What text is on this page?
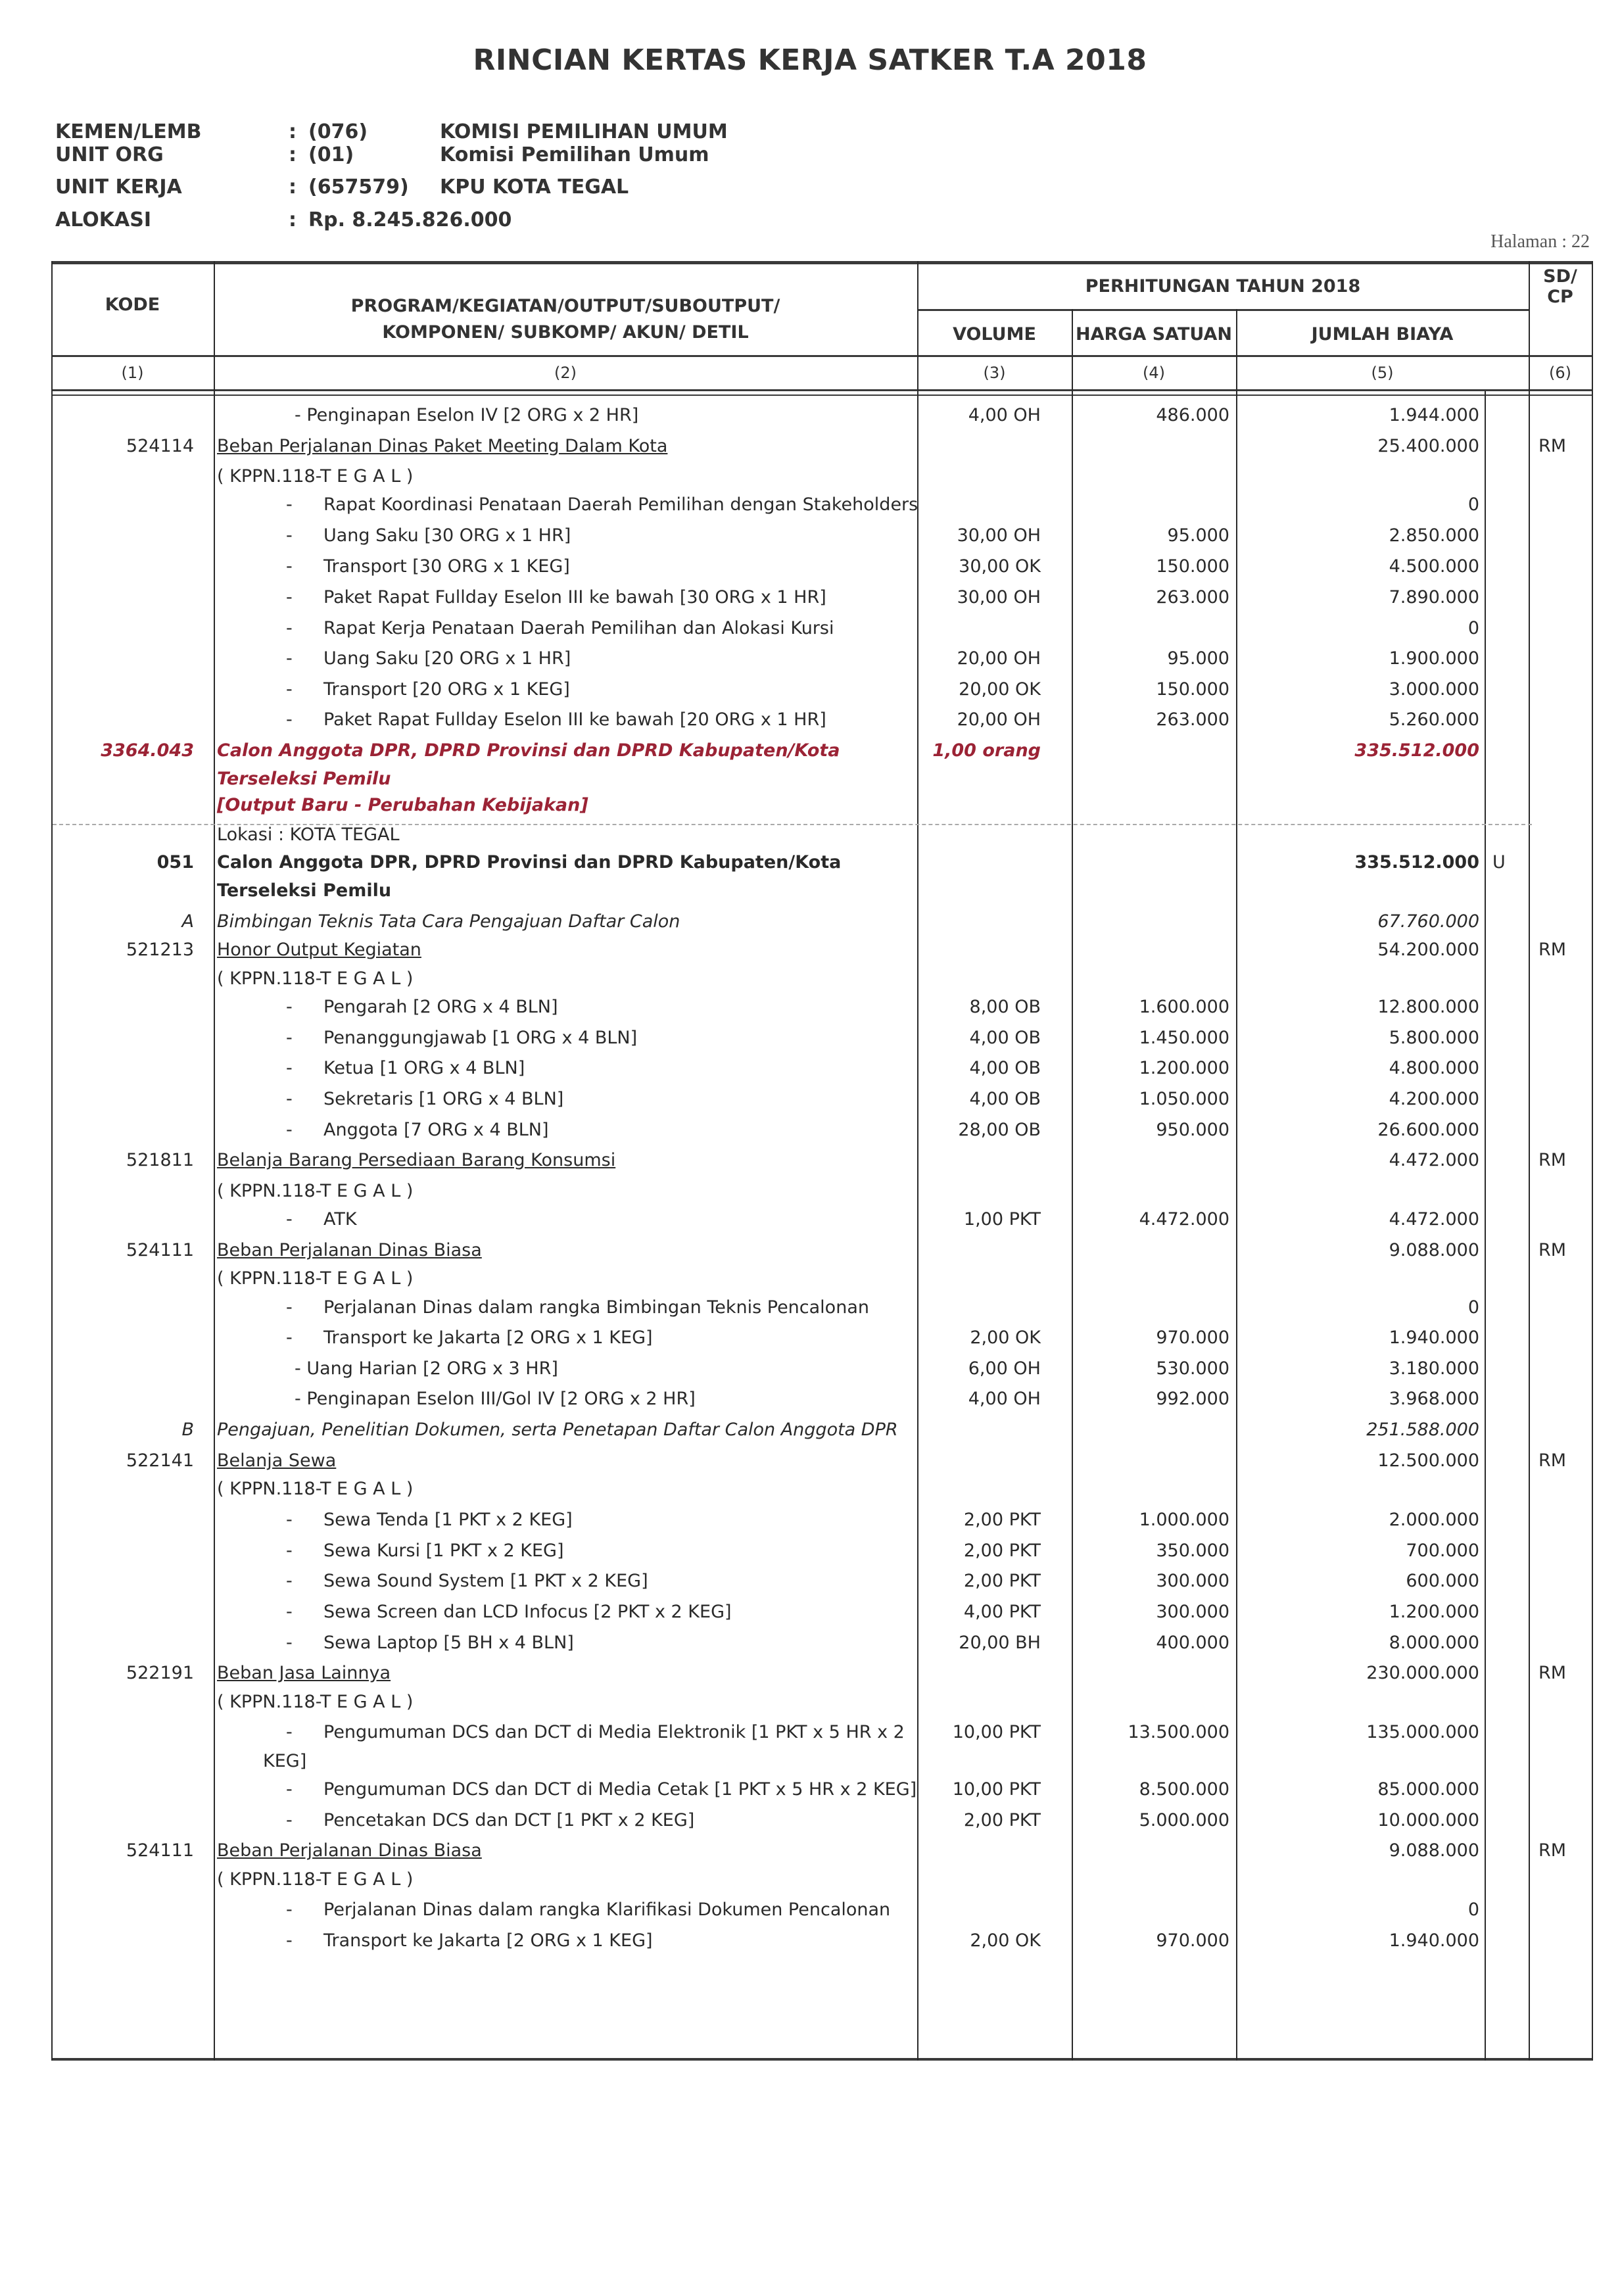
RINCIAN KERTAS KERJA SATKER T.A 2018
KEMEN/LEMB	: (076)	KOMISI PEMILIHAN UMUM
UNIT ORG	: (01)	Komisi Pemilihan Umum
UNIT KERJA	: (657579) KPU KOTA TEGAL
ALOKASI	: Rp. 8.245.826.000
Halaman : 22
KODE	PROGRAM/KEGIATAN/OUTPUT/SUBOUTPUT/
KOMPONEN/ SUBKOMP/ AKUN/ DETIL
PERHITUNGAN TAHUN 2018
VOLUME	HARGA SATUAN	JUMLAH BIAYA
SD/
CP
(1)	(2)	(3)	(4)	(5)	(6)
- Penginapan Eselon IV [2 ORG x 2 HR]	4,00 OH	486.000	1.944.000
524114 Beban Perjalanan Dinas Paket Meeting Dalam Kota	25.400.000	RM
( KPPN.118-T E G A L )
- Rapat Koordinasi Penataan Daerah Pemilihan dengan Stakeholders	0
- Uang Saku [30 ORG x 1 HR]	30,00 OH	95.000	2.850.000
- Transport [30 ORG x 1 KEG]	30,00 OK	150.000	4.500.000
- Paket Rapat Fullday Eselon III ke bawah [30 ORG x 1 HR]	30,00 OH	263.000	7.890.000
- Rapat Kerja Penataan Daerah Pemilihan dan Alokasi Kursi	0
- Uang Saku [20 ORG x 1 HR]	20,00 OH	95.000	1.900.000
- Transport [20 ORG x 1 KEG]	20,00 OK	150.000	3.000.000
- Paket Rapat Fullday Eselon III ke bawah [20 ORG x 1 HR]	20,00 OH	263.000	5.260.000
3364.043 Calon Anggota DPR, DPRD Provinsi dan DPRD Kabupaten/Kota	1,00 orang	335.512.000
Terseleksi Pemilu
[Output Baru - Perubahan Kebijakan]
Lokasi : KOTA TEGAL
051 Calon Anggota DPR, DPRD Provinsi dan DPRD Kabupaten/Kota	335.512.000 U
Terseleksi Pemilu
A Bimbingan Teknis Tata Cara Pengajuan Daftar Calon	67.760.000
521213 Honor Output Kegiatan	54.200.000	RM
( KPPN.118-T E G A L )
- Pengarah [2 ORG x 4 BLN]	8,00 OB	1.600.000	12.800.000
- Penanggungjawab [1 ORG x 4 BLN]	4,00 OB	1.450.000	5.800.000
- Ketua [1 ORG x 4 BLN]	4,00 OB	1.200.000	4.800.000
- Sekretaris [1 ORG x 4 BLN]	4,00 OB	1.050.000	4.200.000
- Anggota [7 ORG x 4 BLN]	28,00 OB	950.000	26.600.000
521811 Belanja Barang Persediaan Barang Konsumsi	4.472.000	RM
( KPPN.118-T E G A L )
- ATK	1,00 PKT	4.472.000	4.472.000
524111 Beban Perjalanan Dinas Biasa	9.088.000	RM
( KPPN.118-T E G A L )
- Perjalanan Dinas dalam rangka Bimbingan Teknis Pencalonan	0
- Transport ke Jakarta [2 ORG x 1 KEG]	2,00 OK	970.000	1.940.000
- Uang Harian [2 ORG x 3 HR]	6,00 OH	530.000	3.180.000
- Penginapan Eselon III/Gol IV [2 ORG x 2 HR]	4,00 OH	992.000	3.968.000
B Pengajuan, Penelitian Dokumen, serta Penetapan Daftar Calon Anggota DPR	251.588.000
522141 Belanja Sewa	12.500.000	RM
( KPPN.118-T E G A L )
- Sewa Tenda [1 PKT x 2 KEG]	2,00 PKT	1.000.000	2.000.000
- Sewa Kursi [1 PKT x 2 KEG]	2,00 PKT	350.000	700.000
- Sewa Sound System [1 PKT x 2 KEG]	2,00 PKT	300.000	600.000
- Sewa Screen dan LCD Infocus [2 PKT x 2 KEG]	4,00 PKT	300.000	1.200.000
- Sewa Laptop [5 BH x 4 BLN]	20,00 BH	400.000	8.000.000
522191 Beban Jasa Lainnya	230.000.000	RM
( KPPN.118-T E G A L )
- Pengumuman DCS dan DCT di Media Elektronik [1 PKT x 5 HR x 2	10,00 PKT	13.500.000	135.000.000
KEG]
- Pengumuman DCS dan DCT di Media Cetak [1 PKT x 5 HR x 2 KEG] 10,00 PKT	8.500.000	85.000.000
- Pencetakan DCS dan DCT [1 PKT x 2 KEG]	2,00 PKT	5.000.000	10.000.000
524111 Beban Perjalanan Dinas Biasa	9.088.000	RM
( KPPN.118-T E G A L )
- Perjalanan Dinas dalam rangka Klarifikasi Dokumen Pencalonan	0
- Transport ke Jakarta [2 ORG x 1 KEG]	2,00 OK	970.000	1.940.000
